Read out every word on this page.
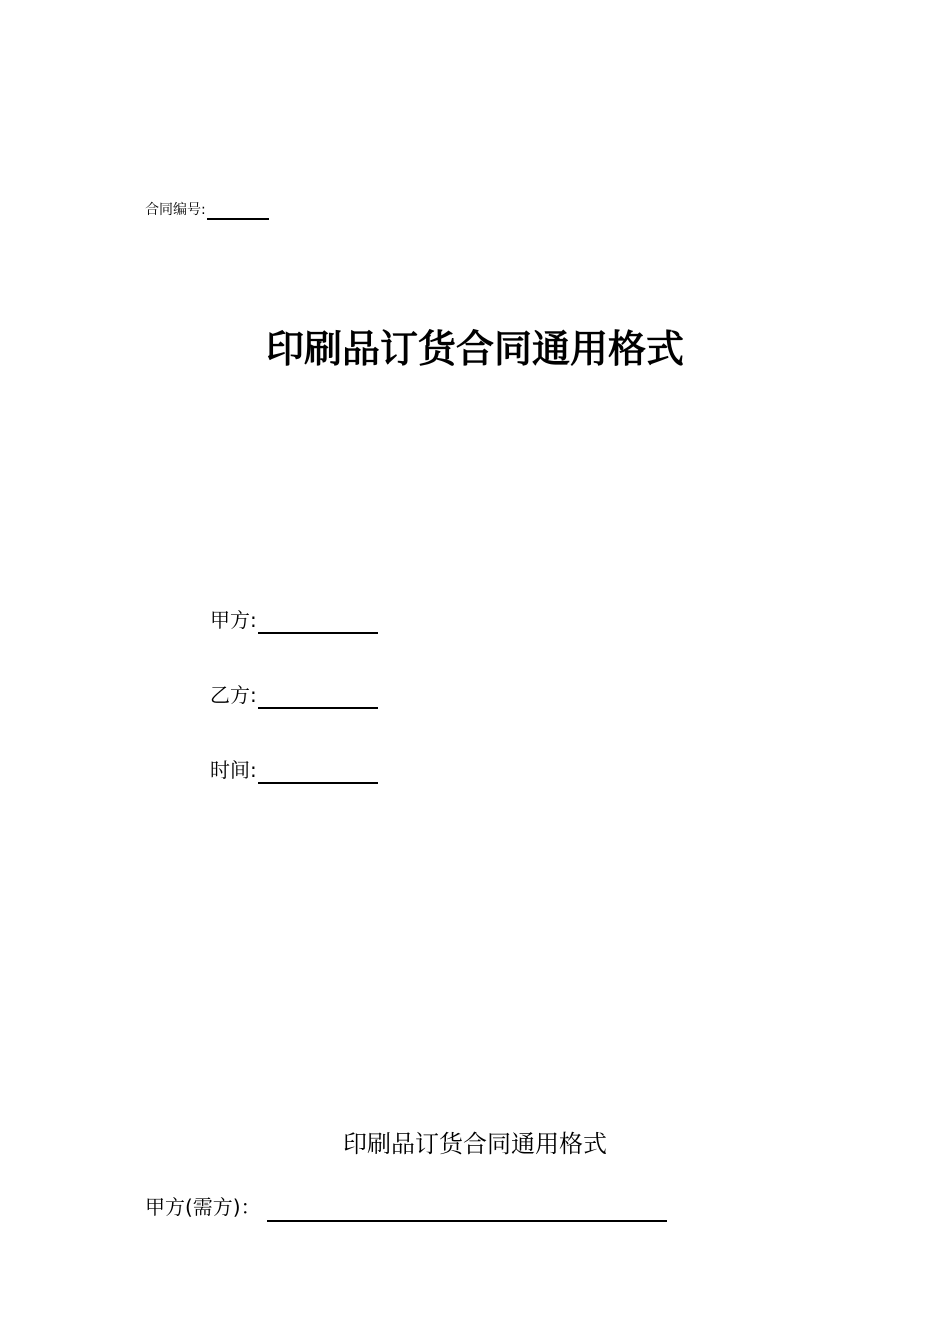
合同编号:
印刷品订货合同通用格式
甲方:
乙方:
时间:
印刷品订货合同通用格式
甲方(需方)：
